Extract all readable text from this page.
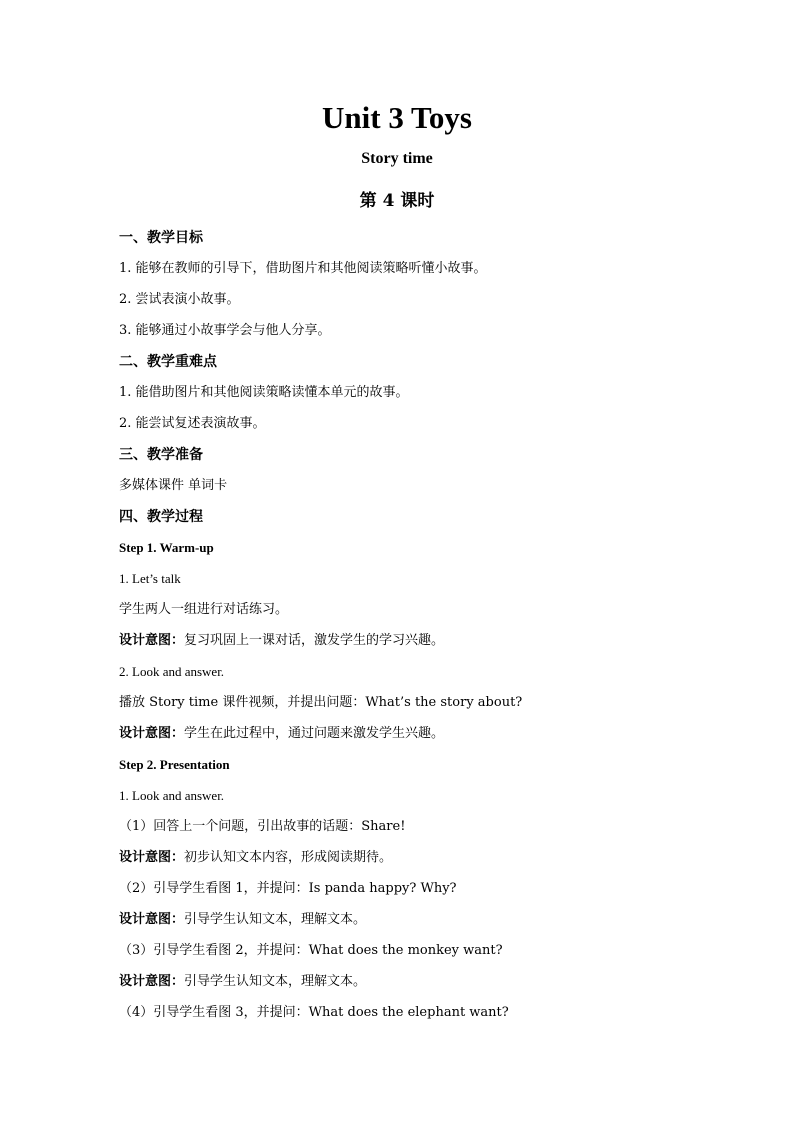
Unit 3 Toys
Story time
第 4 课时
一、教学目标
1. 能够在教师的引导下，借助图片和其他阅读策略听懂小故事。
2. 尝试表演小故事。
3. 能够通过小故事学会与他人分享。
二、教学重难点
1. 能借助图片和其他阅读策略读懂本单元的故事。
2. 能尝试复述表演故事。
三、教学准备
多媒体课件 单词卡
四、教学过程
Step 1. Warm-up
1. Let’s talk
学生两人一组进行对话练习。
设计意图：复习巩固上一课对话，激发学生的学习兴趣。
2. Look and answer.
播放 Story time 课件视频，并提出问题：What’s the story about?
设计意图：学生在此过程中，通过问题来激发学生兴趣。
Step 2. Presentation
1. Look and answer.
（1）回答上一个问题，引出故事的话题：Share!
设计意图：初步认知文本内容，形成阅读期待。
（2）引导学生看图 1，并提问：Is panda happy? Why?
设计意图：引导学生认知文本，理解文本。
（3）引导学生看图 2，并提问：What does the monkey want?
设计意图：引导学生认知文本，理解文本。
（4）引导学生看图 3，并提问：What does the elephant want?
